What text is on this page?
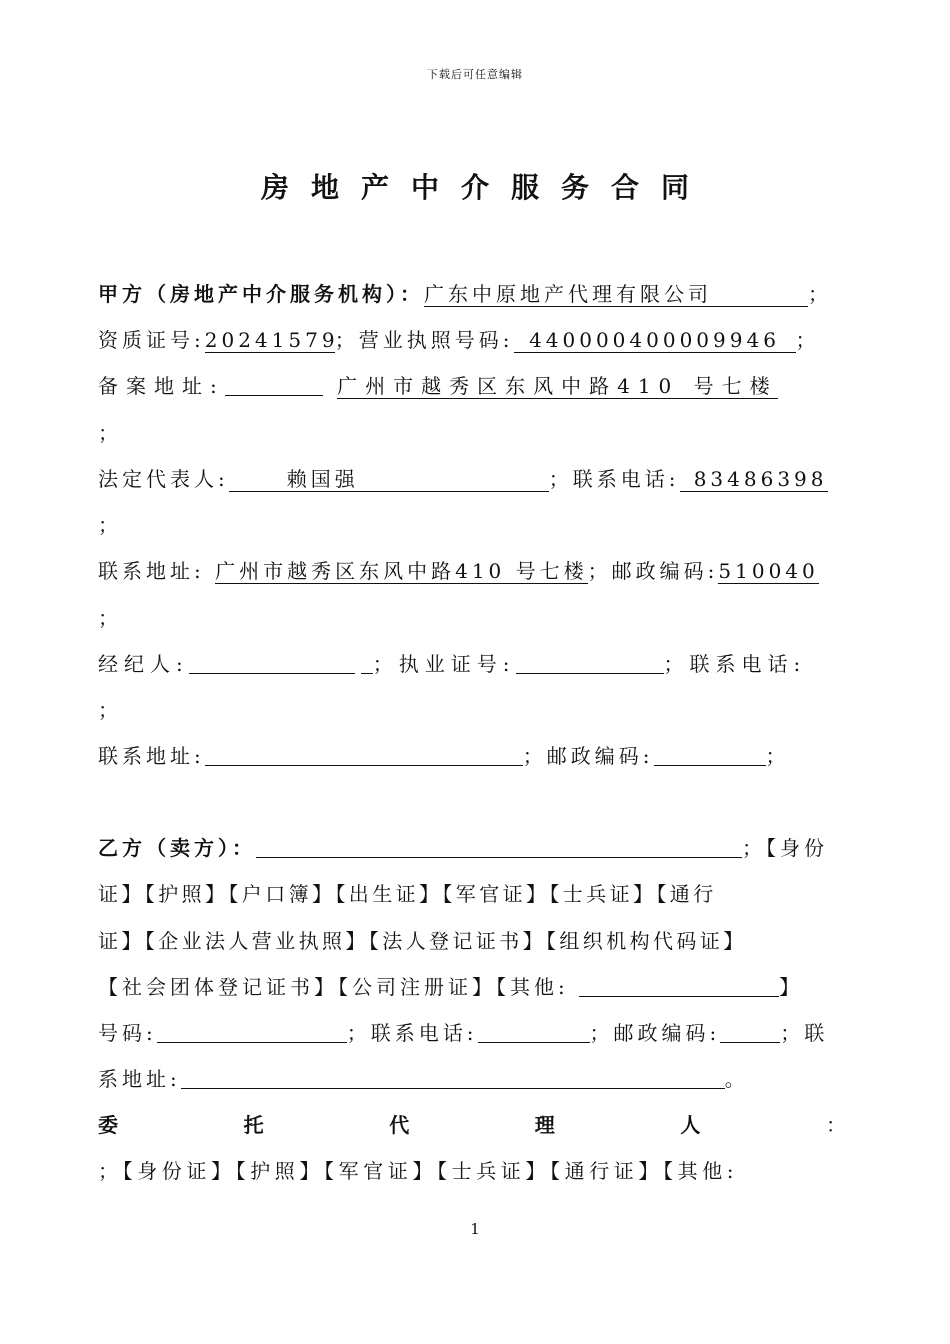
下载后可任意编辑
房地产中介服务合同
甲方（房地产中介服务机构）：广东中原地产代理有限公司	；
资质证号:20241579；营业执照号码: 440000400009946 ；
备案地址:	广州市越秀区东风中路410 号七楼
；
法定代表人:	赖国强	；联系电话: 83486398
；
联系地址: 广州市越秀区东风中路410 号七楼；邮政编码:510040
；
经纪人:	；执业证号:	；联系电话:
；
联系地址:	；邮政编码:	；
乙方（卖方）：	；【身份
证】【护照】【户口簿】【出生证】【军官证】【士兵证】【通行
证】【企业法人营业执照】【法人登记证书】【组织机构代码证】
【社会团体登记证书】【公司注册证】【其他:	】
号码:	；联系电话:	；邮政编码:	；联
系地址:	。
委	托	代	理	人	：
；【身份证】【护照】【军官证】【士兵证】【通行证】【其他:
1
